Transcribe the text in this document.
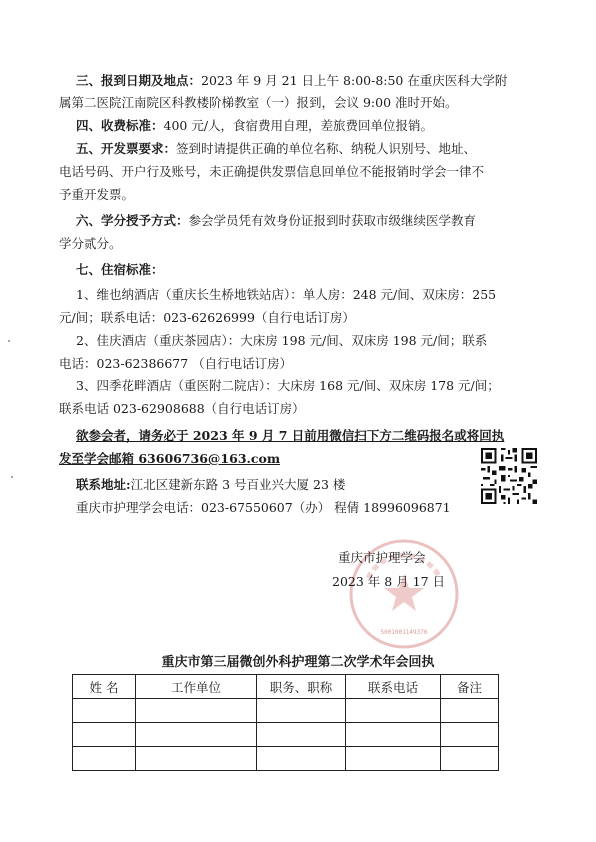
三、报到日期及地点：2023 年 9 月 21 日上午 8:00-8:50 在重庆医科大学附
属第二医院江南院区科教楼阶梯教室（一）报到，会议 9:00 准时开始。
四、收费标准：400 元/人，食宿费用自理，差旅费回单位报销。
五、开发票要求：签到时请提供正确的单位名称、纳税人识别号、地址、
电话号码、开户行及账号，未正确提供发票信息回单位不能报销时学会一律不
予重开发票。
六、学分授予方式：参会学员凭有效身份证报到时获取市级继续医学教育
学分贰分。
七、住宿标准：
1、维也纳酒店（重庆长生桥地铁站店）：单人房：248 元/间、双床房：255
元/间；联系电话：023-62626999（自行电话订房）
2、佳庆酒店（重庆茶园店）：大床房 198 元/间、双床房 198 元/间；联系
电话：023-62386677 （自行电话订房）
3、四季花畔酒店（重医附二院店）：大床房 168 元/间、双床房 178 元/间；
联系电话 023-62908688（自行电话订房）
欲参会者，请务必于 2023 年 9 月 7 日前用微信扫下方二维码报名或将回执
发至学会邮箱 63606736@163.com
联系地址:江北区建新东路 3 号百业兴大厦 23 楼
重庆市护理学会电话：023-67550607（办） 程倩 18996096871
5001001149376
重庆市护理学会
2023 年 8 月 17 日
重庆市第三届微创外科护理第二次学术年会回执
姓 名	工作单位	职务、职称	联系电话	备注
